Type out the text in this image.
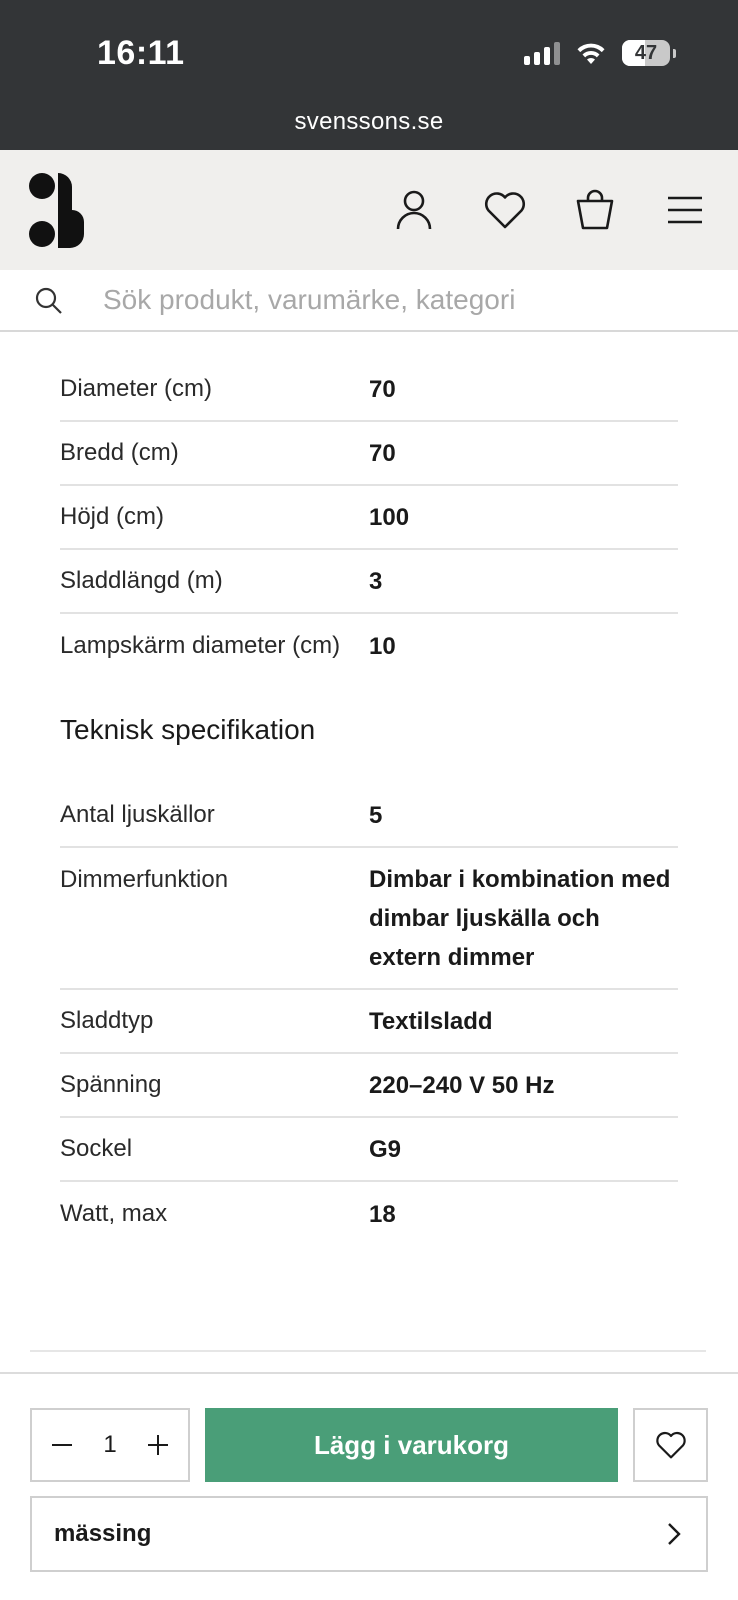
16:11	47
svenssons.se
Sök produkt, varumärke, kategori
Diameter (cm)	70
Bredd (cm)	70
Höjd (cm)	100
Sladdlängd (m)	3
Lampskärm diameter (cm)	10
Teknisk specifikation
Antal ljuskällor	5
Dimmerfunktion	Dimbar i kombination med dimbar ljuskälla och extern dimmer
Sladdtyp	Textilsladd
Spänning	220–240 V 50 Hz
Sockel	G9
Watt, max	18
1
Lägg i varukorg
mässing
